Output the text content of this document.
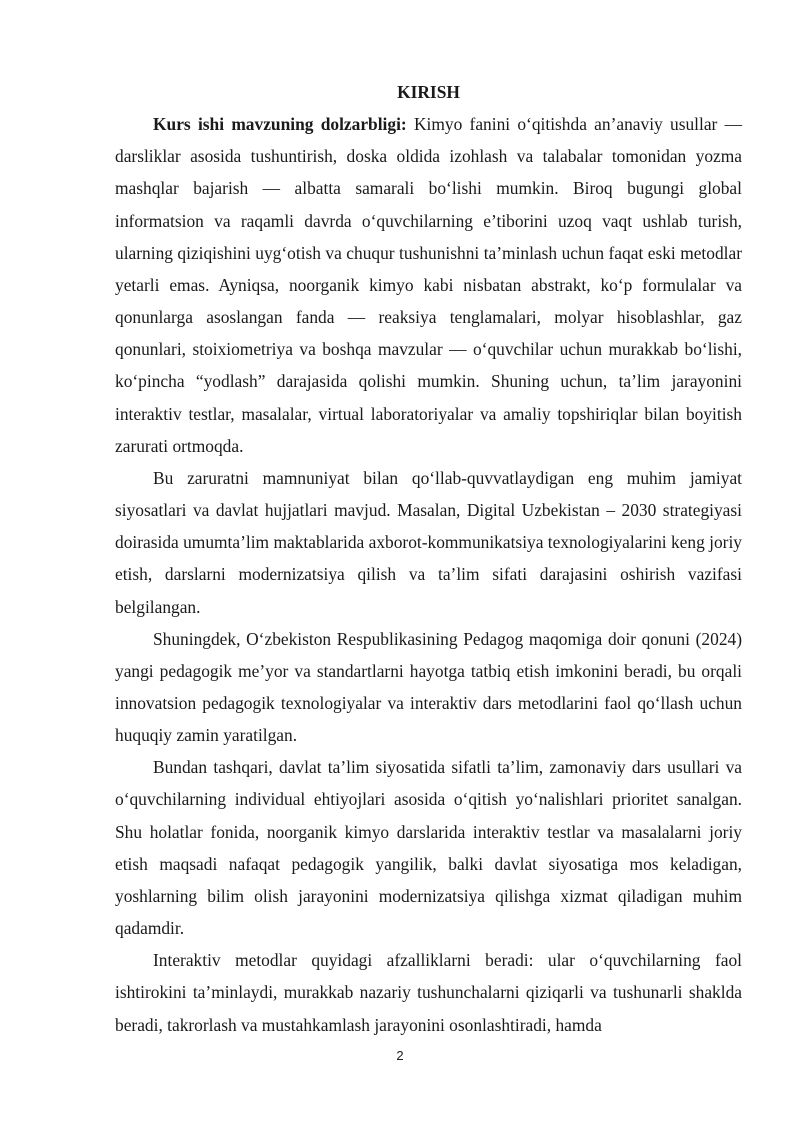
KIRISH

Kurs ishi mavzuning dolzarbligi: Kimyo fanini o‘qitishda an’anaviy usullar — darsliklar asosida tushuntirish, doska oldida izohlash va talabalar tomonidan yozma mashqlar bajarish — albatta samarali bo‘lishi mumkin. Biroq bugungi global informatsion va raqamli davrda o‘quvchilarning e’tiborini uzoq vaqt ushlab turish, ularning qiziqishini uyg‘otish va chuqur tushunishni ta’minlash uchun faqat eski metodlar yetarli emas. Ayniqsa, noorganik kimyo kabi nisbatan abstrakt, ko‘p formulalar va qonunlarga asoslangan fanda — reaksiya tenglamalari, molyar hisoblashlar, gaz qonunlari, stoixiometriya va boshqa mavzular — o‘quvchilar uchun murakkab bo‘lishi, ko‘pincha “yodlash” darajasida qolishi mumkin. Shuning uchun, ta’lim jarayonini interaktiv testlar, masalalar, virtual laboratoriyalar va amaliy topshiriqlar bilan boyitish zarurati ortmoqda.

Bu zaruratni mamnuniyat bilan qo‘llab-quvvatlaydigan eng muhim jamiyat siyosatlari va davlat hujjatlari mavjud. Masalan, Digital Uzbekistan – 2030 strategiyasi doirasida umumta’lim maktablarida axborot-kommunikatsiya texnologiyalarini keng joriy etish, darslarni modernizatsiya qilish va ta’lim sifati darajasini oshirish vazifasi belgilangan.

Shuningdek, O‘zbekiston Respublikasining Pedagog maqomiga doir qonuni (2024) yangi pedagogik me’yor va standartlarni hayotga tatbiq etish imkonini beradi, bu orqali innovatsion pedagogik texnologiyalar va interaktiv dars metodlarini faol qo‘llash uchun huquqiy zamin yaratilgan.

Bundan tashqari, davlat ta’lim siyosatida sifatli ta’lim, zamonaviy dars usullari va o‘quvchilarning individual ehtiyojlari asosida o‘qitish yo‘nalishlari prioritet sanalgan. Shu holatlar fonida, noorganik kimyo darslarida interaktiv testlar va masalalarni joriy etish maqsadi nafaqat pedagogik yangilik, balki davlat siyosatiga mos keladigan, yoshlarning bilim olish jarayonini modernizatsiya qilishga xizmat qiladigan muhim qadamdir.

Interaktiv metodlar quyidagi afzalliklarni beradi: ular o‘quvchilarning faol ishtirokini ta’minlaydi, murakkab nazariy tushunchalarni qiziqarli va tushunarli shaklda beradi, takrorlash va mustahkamlash jarayonini osonlashtiradi, hamda

2
